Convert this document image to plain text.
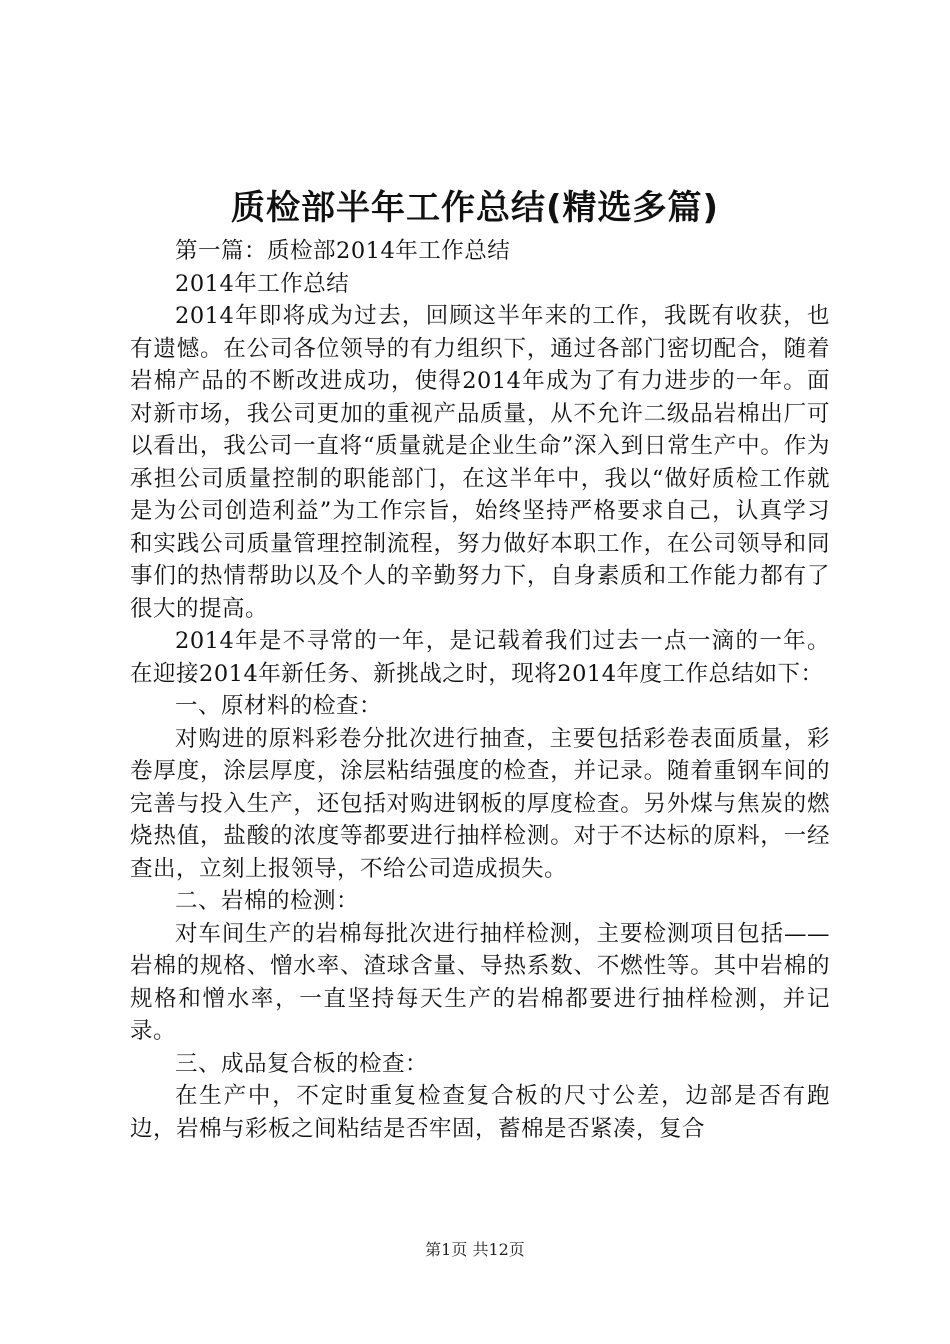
质检部半年工作总结(精选多篇)

第一篇：质检部2014年工作总结

2014年工作总结

2014年即将成为过去，回顾这半年来的工作，我既有收获，也有遗憾。在公司各位领导的有力组织下，通过各部门密切配合，随着岩棉产品的不断改进成功，使得2014年成为了有力进步的一年。面对新市场，我公司更加的重视产品质量，从不允许二级品岩棉出厂可以看出，我公司一直将“质量就是企业生命”深入到日常生产中。作为承担公司质量控制的职能部门，在这半年中，我以“做好质检工作就是为公司创造利益”为工作宗旨，始终坚持严格要求自己，认真学习和实践公司质量管理控制流程，努力做好本职工作，在公司领导和同事们的热情帮助以及个人的辛勤努力下，自身素质和工作能力都有了很大的提高。

2014年是不寻常的一年，是记载着我们过去一点一滴的一年。在迎接2014年新任务、新挑战之时，现将2014年度工作总结如下：

一、原材料的检查：

对购进的原料彩卷分批次进行抽查，主要包括彩卷表面质量，彩卷厚度，涂层厚度，涂层粘结强度的检查，并记录。随着重钢车间的完善与投入生产，还包括对购进钢板的厚度检查。另外煤与焦炭的燃烧热值，盐酸的浓度等都要进行抽样检测。对于不达标的原料，一经查出，立刻上报领导，不给公司造成损失。

二、岩棉的检测：

对车间生产的岩棉每批次进行抽样检测，主要检测项目包括——岩棉的规格、憎水率、渣球含量、导热系数、不燃性等。其中岩棉的规格和憎水率，一直坚持每天生产的岩棉都要进行抽样检测，并记录。

三、成品复合板的检查：

在生产中，不定时重复检查复合板的尺寸公差，边部是否有跑边，岩棉与彩板之间粘结是否牢固，蓄棉是否紧凑，复合

第1页 共12页
